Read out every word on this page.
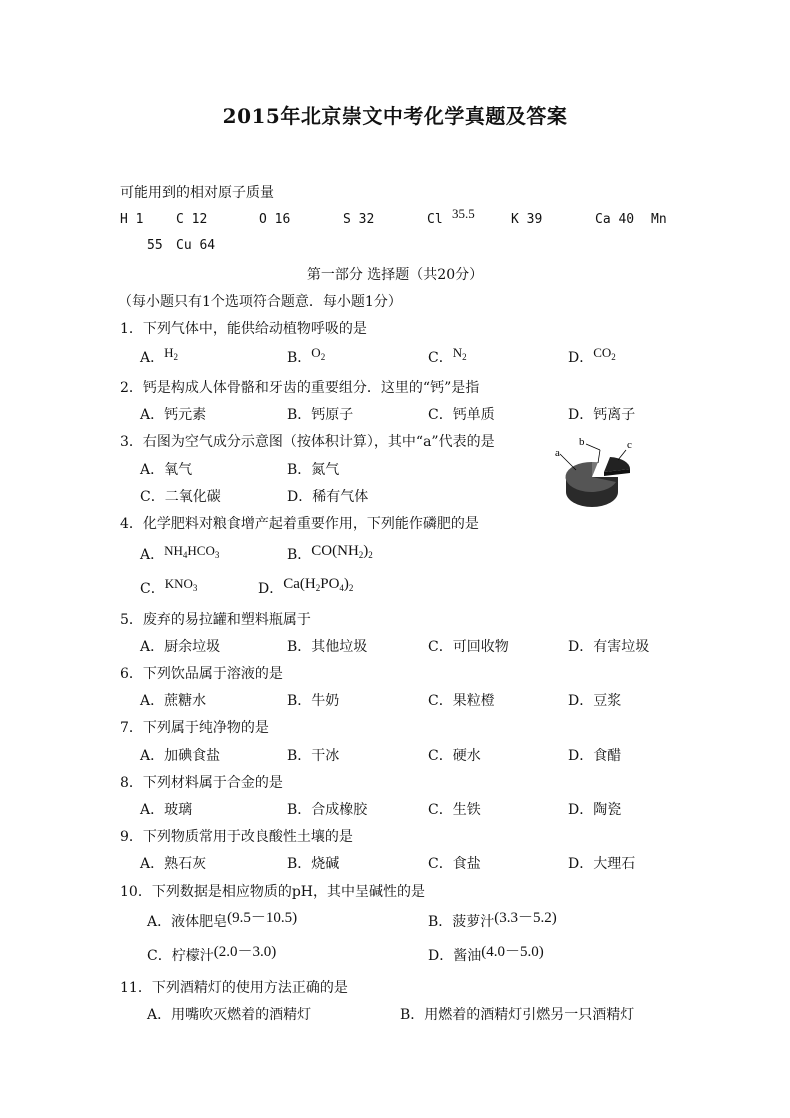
2015年北京崇文中考化学真题及答案
可能用到的相对原子质量
H 1	C 12	O 16	S 32	Cl 35.5	K 39	Ca 40 Mn
55 Cu 64
第一部分 选择题（共20分）
（每小题只有1个选项符合题意．每小题1分）
1．下列气体中，能供给动植物呼吸的是
A．$H_2$	B．$O_2$	C．$N_2$	D．$CO_2$
2．钙是构成人体骨骼和牙齿的重要组分．这里的“钙”是指
A．钙元素	B．钙原子	C．钙单质	D．钙离子
3．右图为空气成分示意图（按体积计算），其中“a”代表的是
A．氧气	B．氮气
C．二氧化碳	D．稀有气体
a
b	c
4．化学肥料对粮食增产起着重要作用，下列能作磷肥的是
A．$NH_4HCO_3$	B．$CO(NH_2)_2$
C．$KNO_3$	D．$Ca(H_2PO_4)_2$
5．废弃的易拉罐和塑料瓶属于
A．厨余垃圾	B．其他垃圾	C．可回收物	D．有害垃圾
6．下列饮品属于溶液的是
A．蔗糖水	B．牛奶	C．果粒橙	D．豆浆
7．下列属于纯净物的是
A．加碘食盐	B．干冰	C．硬水	D．食醋
8．下列材料属于合金的是
A．玻璃	B．合成橡胶	C．生铁	D．陶瓷
9．下列物质常用于改良酸性土壤的是
A．熟石灰	B．烧碱	C．食盐	D．大理石
10．下列数据是相应物质的pH，其中呈碱性的是
A．液体肥皂(9.5－10.5)	B．菠萝汁(3.3－5.2)
C．柠檬汁(2.0－3.0)	D．酱油(4.0－5.0)
11．下列酒精灯的使用方法正确的是
A．用嘴吹灭燃着的酒精灯	B．用燃着的酒精灯引燃另一只酒精灯
